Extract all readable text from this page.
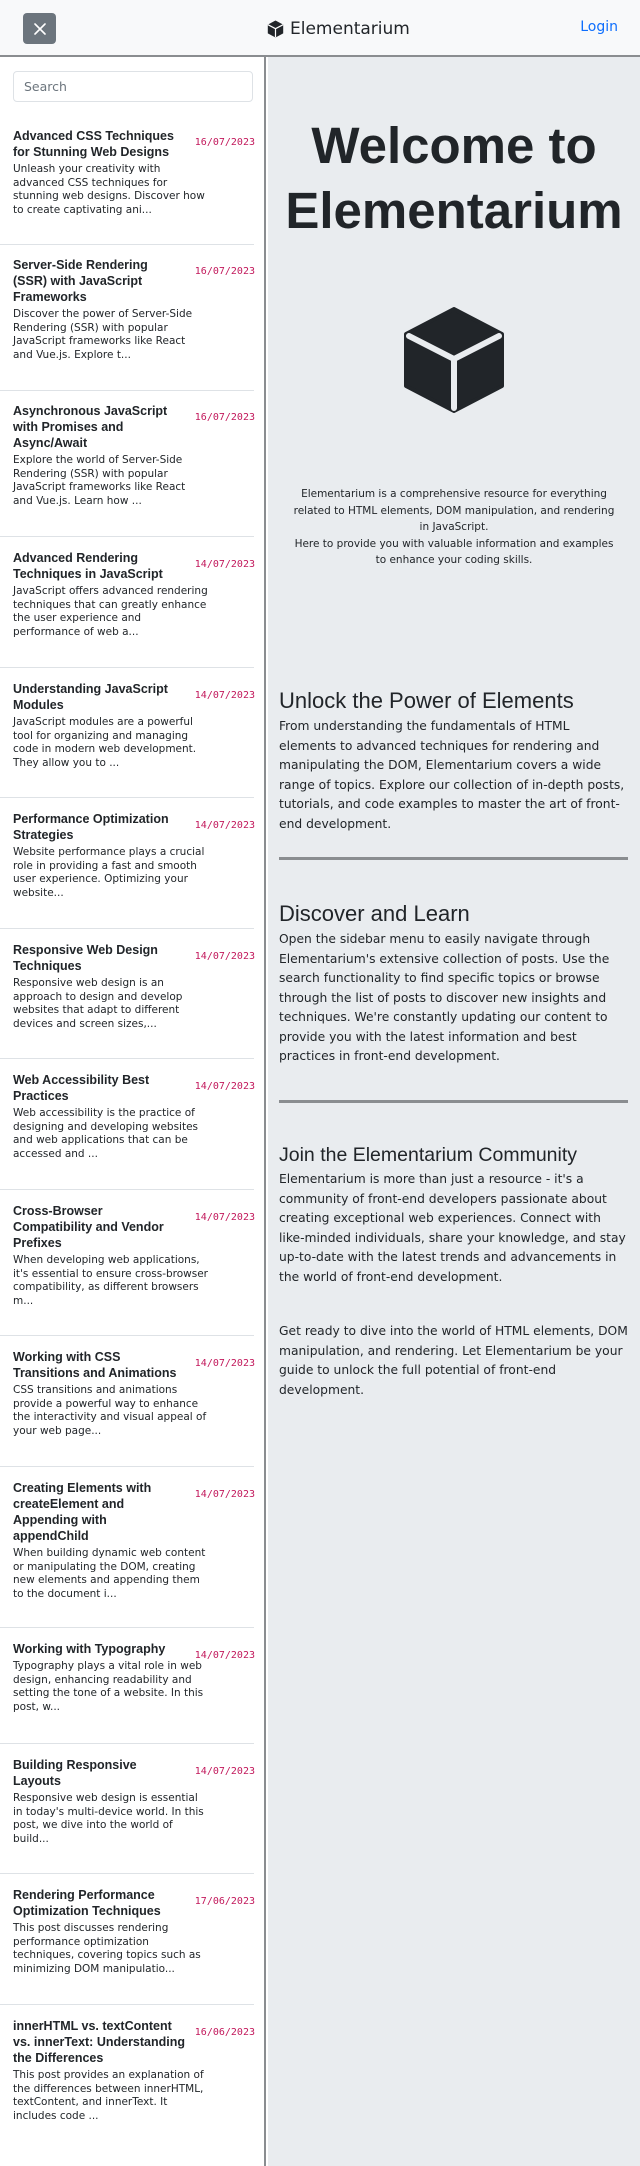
Elementarium	Login
Search
Advanced CSS Techniques for Stunning Web Designs
16/07/2023
Unleash your creativity with advanced CSS techniques for stunning web designs. Discover how to create captivating ani...
Server-Side Rendering (SSR) with JavaScript Frameworks
16/07/2023
Discover the power of Server-Side Rendering (SSR) with popular JavaScript frameworks like React and Vue.js. Explore t...
Asynchronous JavaScript with Promises and Async/Await
16/07/2023
Explore the world of Server-Side Rendering (SSR) with popular JavaScript frameworks like React and Vue.js. Learn how ...
Advanced Rendering Techniques in JavaScript
14/07/2023
JavaScript offers advanced rendering techniques that can greatly enhance the user experience and performance of web a...
Understanding JavaScript Modules
14/07/2023
JavaScript modules are a powerful tool for organizing and managing code in modern web development. They allow you to ...
Performance Optimization Strategies
14/07/2023
Website performance plays a crucial role in providing a fast and smooth user experience. Optimizing your website...
Responsive Web Design Techniques
14/07/2023
Responsive web design is an approach to design and develop websites that adapt to different devices and screen sizes,...
Web Accessibility Best Practices
14/07/2023
Web accessibility is the practice of designing and developing websites and web applications that can be accessed and ...
Cross-Browser Compatibility and Vendor Prefixes
14/07/2023
When developing web applications, it's essential to ensure cross-browser compatibility, as different browsers m...
Working with CSS Transitions and Animations
14/07/2023
CSS transitions and animations provide a powerful way to enhance the interactivity and visual appeal of your web page...
Creating Elements with createElement and Appending with appendChild
14/07/2023
When building dynamic web content or manipulating the DOM, creating new elements and appending them to the document i...
Working with Typography	14/07/2023
Typography plays a vital role in web design, enhancing readability and setting the tone of a website. In this post, w...
Building Responsive Layouts
14/07/2023
Responsive web design is essential in today's multi-device world. In this post, we dive into the world of build...
Rendering Performance Optimization Techniques
17/06/2023
This post discusses rendering performance optimization techniques, covering topics such as minimizing DOM manipulatio...
innerHTML vs. textContent vs. innerText: Understanding the Differences
16/06/2023
This post provides an explanation of the differences between innerHTML, textContent, and innerText. It includes code ...
Welcome to Elementarium
Elementarium is a comprehensive resource for everything related to HTML elements, DOM manipulation, and rendering in JavaScript.
Here to provide you with valuable information and examples to enhance your coding skills.
Unlock the Power of Elements

From understanding the fundamentals of HTML elements to advanced techniques for rendering and manipulating the DOM, Elementarium covers a wide range of topics. Explore our collection of in-depth posts, tutorials, and code examples to master the art of front-end development.

Discover and Learn

Open the sidebar menu to easily navigate through Elementarium's extensive collection of posts. Use the search functionality to find specific topics or browse through the list of posts to discover new insights and techniques. We're constantly updating our content to provide you with the latest information and best practices in front-end development.

Join the Elementarium Community

Elementarium is more than just a resource - it's a community of front-end developers passionate about creating exceptional web experiences. Connect with like-minded individuals, share your knowledge, and stay up-to-date with the latest trends and advancements in the world of front-end development.

Get ready to dive into the world of HTML elements, DOM manipulation, and rendering. Let Elementarium be your guide to unlock the full potential of front-end development.
